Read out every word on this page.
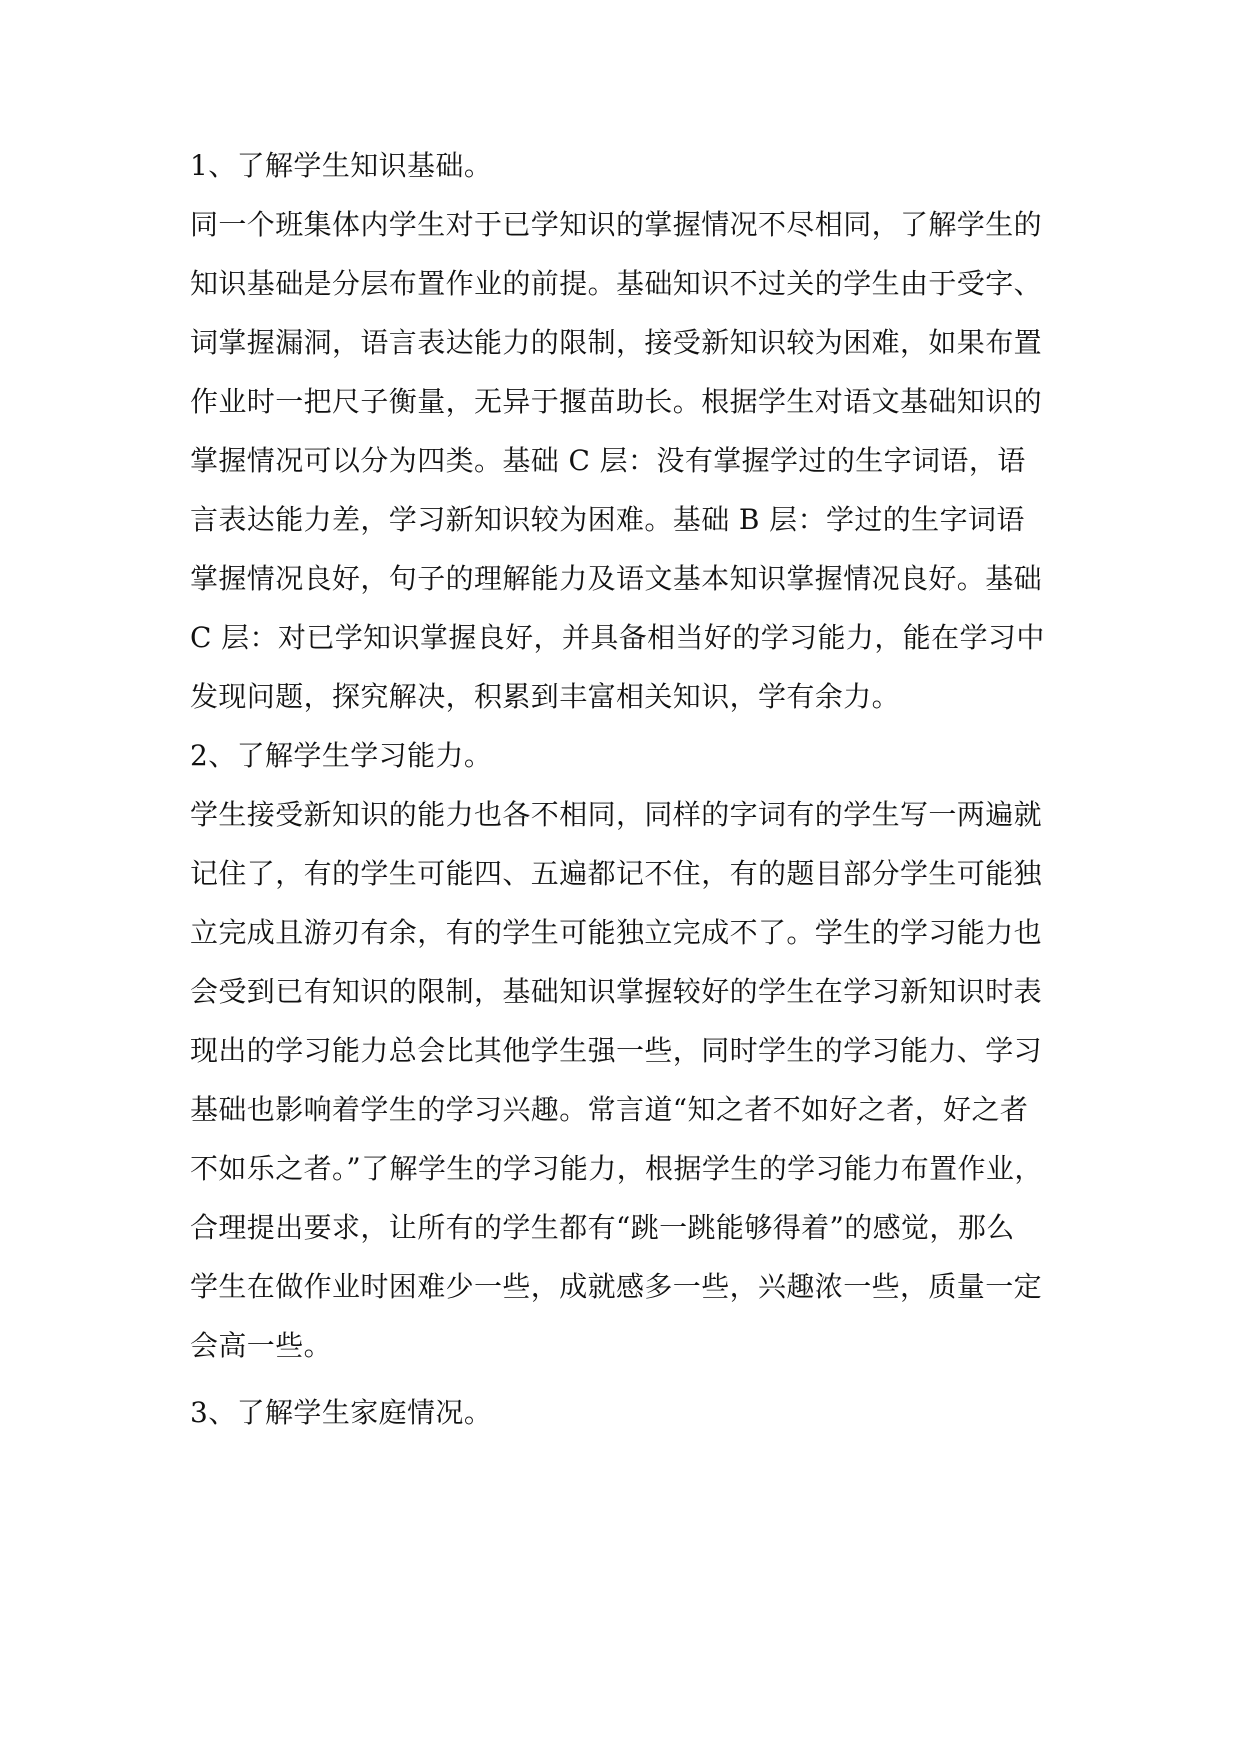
1、了解学生知识基础。
同一个班集体内学生对于已学知识的掌握情况不尽相同，了解学生的
知识基础是分层布置作业的前提。基础知识不过关的学生由于受字、
词掌握漏洞，语言表达能力的限制，接受新知识较为困难，如果布置
作业时一把尺子衡量，无异于揠苗助长。根据学生对语文基础知识的
掌握情况可以分为四类。基础 C 层：没有掌握学过的生字词语，语
言表达能力差，学习新知识较为困难。基础 B 层：学过的生字词语
掌握情况良好，句子的理解能力及语文基本知识掌握情况良好。基础
C 层：对已学知识掌握良好，并具备相当好的学习能力，能在学习中
发现问题，探究解决，积累到丰富相关知识，学有余力。
2、了解学生学习能力。
学生接受新知识的能力也各不相同，同样的字词有的学生写一两遍就
记住了，有的学生可能四、五遍都记不住，有的题目部分学生可能独
立完成且游刃有余，有的学生可能独立完成不了。学生的学习能力也
会受到已有知识的限制，基础知识掌握较好的学生在学习新知识时表
现出的学习能力总会比其他学生强一些，同时学生的学习能力、学习
基础也影响着学生的学习兴趣。常言道“知之者不如好之者，好之者
不如乐之者。”了解学生的学习能力，根据学生的学习能力布置作业，
合理提出要求，让所有的学生都有“跳一跳能够得着”的感觉，那么
学生在做作业时困难少一些，成就感多一些，兴趣浓一些，质量一定
会高一些。
3、了解学生家庭情况。
